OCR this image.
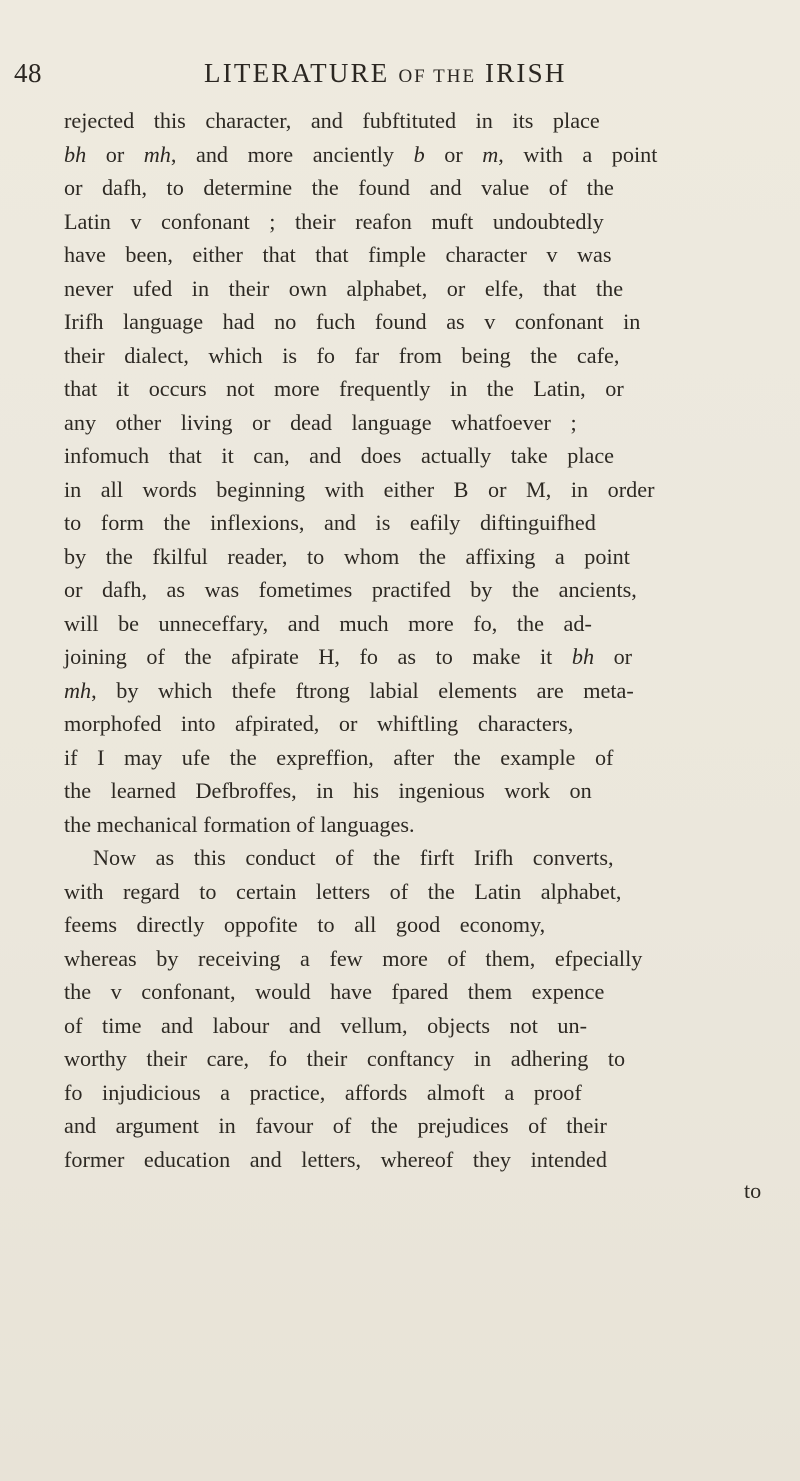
48	LITERATURE OF THE IRISH
rejected this character, and fubftituted in its place
bh or mh, and more anciently b or m, with a point
or dafh, to determine the found and value of the
Latin v confonant ; their reafon muft undoubtedly
have been, either that that fimple character v was
never ufed in their own alphabet, or elfe, that the
Irifh language had no fuch found as v confonant in
their dialect, which is fo far from being the cafe,
that it occurs not more frequently in the Latin, or
any other living or dead language whatfoever ;
infomuch that it can, and does actually take place
in all words beginning with either B or M, in order
to form the inflexions, and is eafily diftinguifhed
by the fkilful reader, to whom the affixing a point
or dafh, as was fometimes practifed by the ancients,
will be unneceffary, and much more fo, the ad-
joining of the afpirate H, fo as to make it bh or
mh, by which thefe ftrong labial elements are meta-
morphofed into afpirated, or whiftling characters,
if I may ufe the expreffion, after the example of
the learned Defbroffes, in his ingenious work on
the mechanical formation of languages.
Now as this conduct of the firft Irifh converts,
with regard to certain letters of the Latin alphabet,
feems directly oppofite to all good economy,
whereas by receiving a few more of them, efpecially
the v confonant, would have fpared them expence
of time and labour and vellum, objects not un-
worthy their care, fo their conftancy in adhering to
fo injudicious a practice, affords almoft a proof
and argument in favour of the prejudices of their
former education and letters, whereof they intended
to
